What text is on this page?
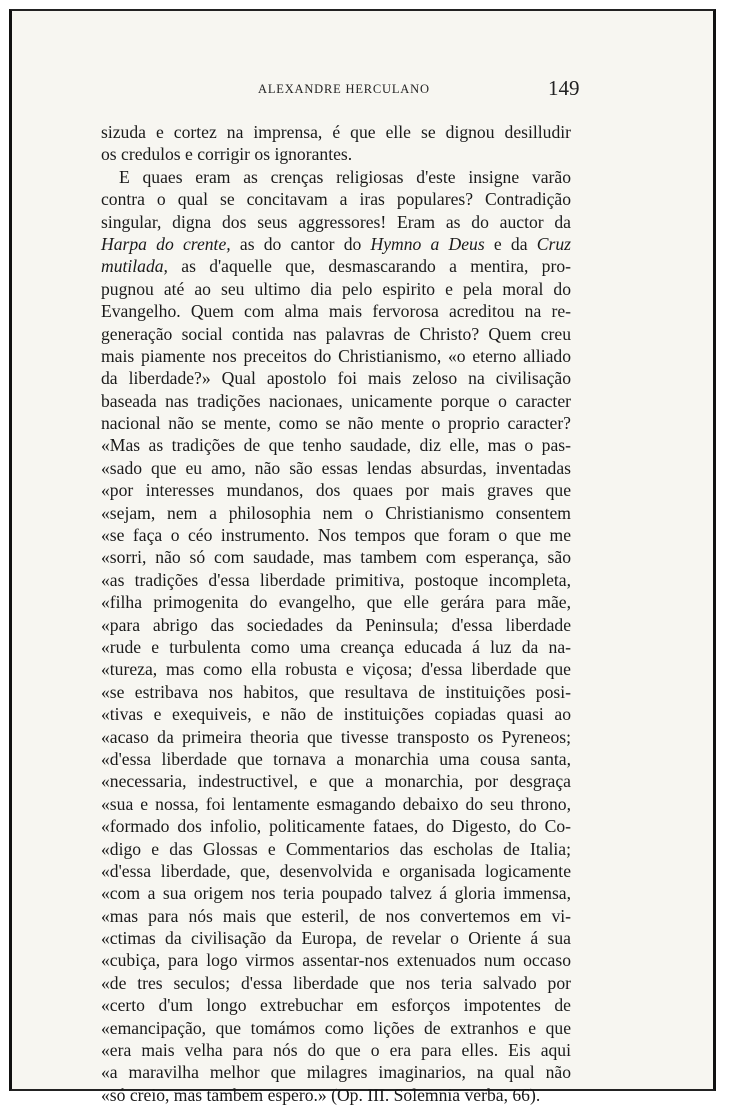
ALEXANDRE HERCULANO	149
sizuda e cortez na imprensa, é que elle se dignou desilludir
os credulos e corrigir os ignorantes.
E quaes eram as crenças religiosas d'este insigne varão
contra o qual se concitavam a iras populares? Contradição
singular, digna dos seus aggressores! Eram as do auctor da
Harpa do crente, as do cantor do Hymno a Deus e da Cruz
mutilada, as d'aquelle que, desmascarando a mentira, pro-
pugnou até ao seu ultimo dia pelo espirito e pela moral do
Evangelho. Quem com alma mais fervorosa acreditou na re-
generação social contida nas palavras de Christo? Quem creu
mais piamente nos preceitos do Christianismo, «o eterno alliado
da liberdade?» Qual apostolo foi mais zeloso na civilisação
baseada nas tradições nacionaes, unicamente porque o caracter
nacional não se mente, como se não mente o proprio caracter?
«Mas as tradições de que tenho saudade, diz elle, mas o pas-
«sado que eu amo, não são essas lendas absurdas, inventadas
«por interesses mundanos, dos quaes por mais graves que
«sejam, nem a philosophia nem o Christianismo consentem
«se faça o céo instrumento. Nos tempos que foram o que me
«sorri, não só com saudade, mas tambem com esperança, são
«as tradições d'essa liberdade primitiva, postoque incompleta,
«filha primogenita do evangelho, que elle gerára para mãe,
«para abrigo das sociedades da Peninsula; d'essa liberdade
«rude e turbulenta como uma creança educada á luz da na-
«tureza, mas como ella robusta e viçosa; d'essa liberdade que
«se estribava nos habitos, que resultava de instituições posi-
«tivas e exequiveis, e não de instituições copiadas quasi ao
«acaso da primeira theoria que tivesse transposto os Pyreneos;
«d'essa liberdade que tornava a monarchia uma cousa santa,
«necessaria, indestructivel, e que a monarchia, por desgraça
«sua e nossa, foi lentamente esmagando debaixo do seu throno,
«formado dos infolio, politicamente fataes, do Digesto, do Co-
«digo e das Glossas e Commentarios das escholas de Italia;
«d'essa liberdade, que, desenvolvida e organisada logicamente
«com a sua origem nos teria poupado talvez á gloria immensa,
«mas para nós mais que esteril, de nos convertemos em vi-
«ctimas da civilisação da Europa, de revelar o Oriente á sua
«cubiça, para logo virmos assentar-nos extenuados num occaso
«de tres seculos; d'essa liberdade que nos teria salvado por
«certo d'um longo extrebuchar em esforços impotentes de
«emancipação, que tomámos como lições de extranhos e que
«era mais velha para nós do que o era para elles. Eis aqui
«a maravilha melhor que milagres imaginarios, na qual não
«só creio, mas tambem espero.» (Op. III. Solemnia verba, 66).
